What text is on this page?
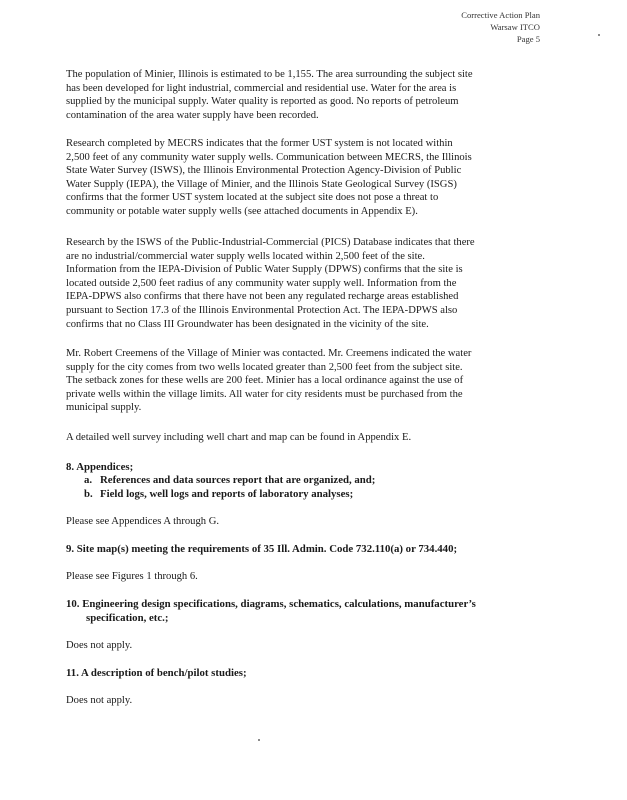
Corrective Action Plan
Warsaw ITCO
Page 5

The population of Minier, Illinois is estimated to be 1,155. The area surrounding the subject site
has been developed for light industrial, commercial and residential use. Water for the area is
supplied by the municipal supply. Water quality is reported as good. No reports of petroleum
contamination of the area water supply have been recorded.

Research completed by MECRS indicates that the former UST system is not located within
2,500 feet of any community water supply wells. Communication between MECRS, the Illinois
State Water Survey (ISWS), the Illinois Environmental Protection Agency-Division of Public
Water Supply (IEPA), the Village of Minier, and the Illinois State Geological Survey (ISGS)
confirms that the former UST system located at the subject site does not pose a threat to
community or potable water supply wells (see attached documents in Appendix E).

Research by the ISWS of the Public-Industrial-Commercial (PICS) Database indicates that there
are no industrial/commercial water supply wells located within 2,500 feet of the site.
Information from the IEPA-Division of Public Water Supply (DPWS) confirms that the site is
located outside 2,500 feet radius of any community water supply well. Information from the
IEPA-DPWS also confirms that there have not been any regulated recharge areas established
pursuant to Section 17.3 of the Illinois Environmental Protection Act. The IEPA-DPWS also
confirms that no Class III Groundwater has been designated in the vicinity of the site.

Mr. Robert Creemens of the Village of Minier was contacted. Mr. Creemens indicated the water
supply for the city comes from two wells located greater than 2,500 feet from the subject site.
The setback zones for these wells are 200 feet. Minier has a local ordinance against the use of
private wells within the village limits. All water for city residents must be purchased from the
municipal supply.

A detailed well survey including well chart and map can be found in Appendix E.

8. Appendices;
a. References and data sources report that are organized, and;
b. Field logs, well logs and reports of laboratory analyses;

Please see Appendices A through G.

9. Site map(s) meeting the requirements of 35 Ill. Admin. Code 732.110(a) or 734.440;

Please see Figures 1 through 6.

10. Engineering design specifications, diagrams, schematics, calculations, manufacturer’s
specification, etc.;

Does not apply.

11. A description of bench/pilot studies;

Does not apply.
